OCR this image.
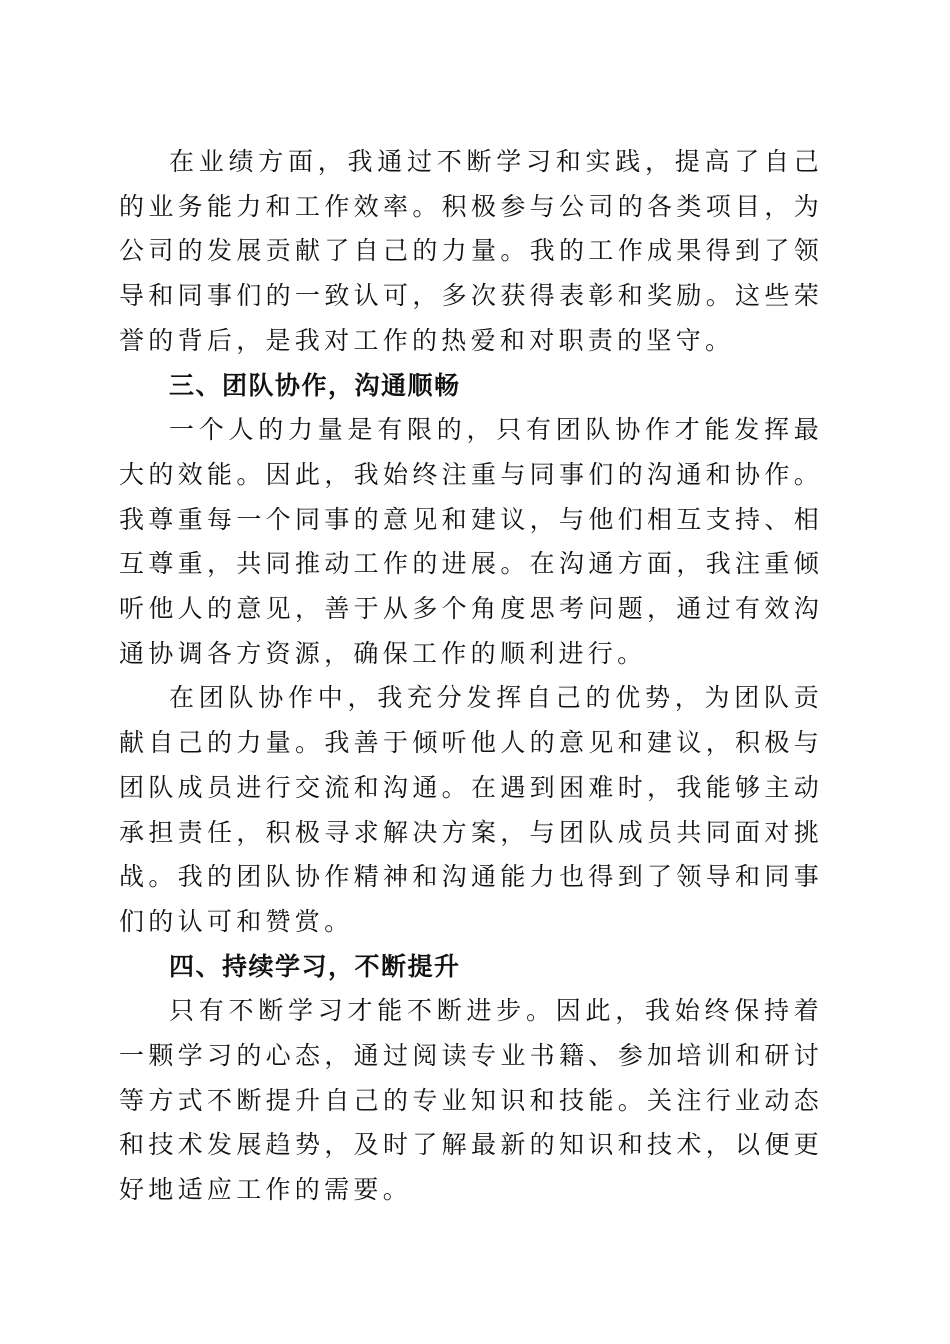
在业绩方面，我通过不断学习和实践，提高了自己的业务能力和工作效率。积极参与公司的各类项目，为公司的发展贡献了自己的力量。我的工作成果得到了领导和同事们的一致认可，多次获得表彰和奖励。这些荣誉的背后，是我对工作的热爱和对职责的坚守。

三、团队协作，沟通顺畅

一个人的力量是有限的，只有团队协作才能发挥最大的效能。因此，我始终注重与同事们的沟通和协作。我尊重每一个同事的意见和建议，与他们相互支持、相互尊重，共同推动工作的进展。在沟通方面，我注重倾听他人的意见，善于从多个角度思考问题，通过有效沟通协调各方资源，确保工作的顺利进行。

在团队协作中，我充分发挥自己的优势，为团队贡献自己的力量。我善于倾听他人的意见和建议，积极与团队成员进行交流和沟通。在遇到困难时，我能够主动承担责任，积极寻求解决方案，与团队成员共同面对挑战。我的团队协作精神和沟通能力也得到了领导和同事们的认可和赞赏。

四、持续学习，不断提升

只有不断学习才能不断进步。因此，我始终保持着一颗学习的心态，通过阅读专业书籍、参加培训和研讨等方式不断提升自己的专业知识和技能。关注行业动态和技术发展趋势，及时了解最新的知识和技术，以便更好地适应工作的需要。
